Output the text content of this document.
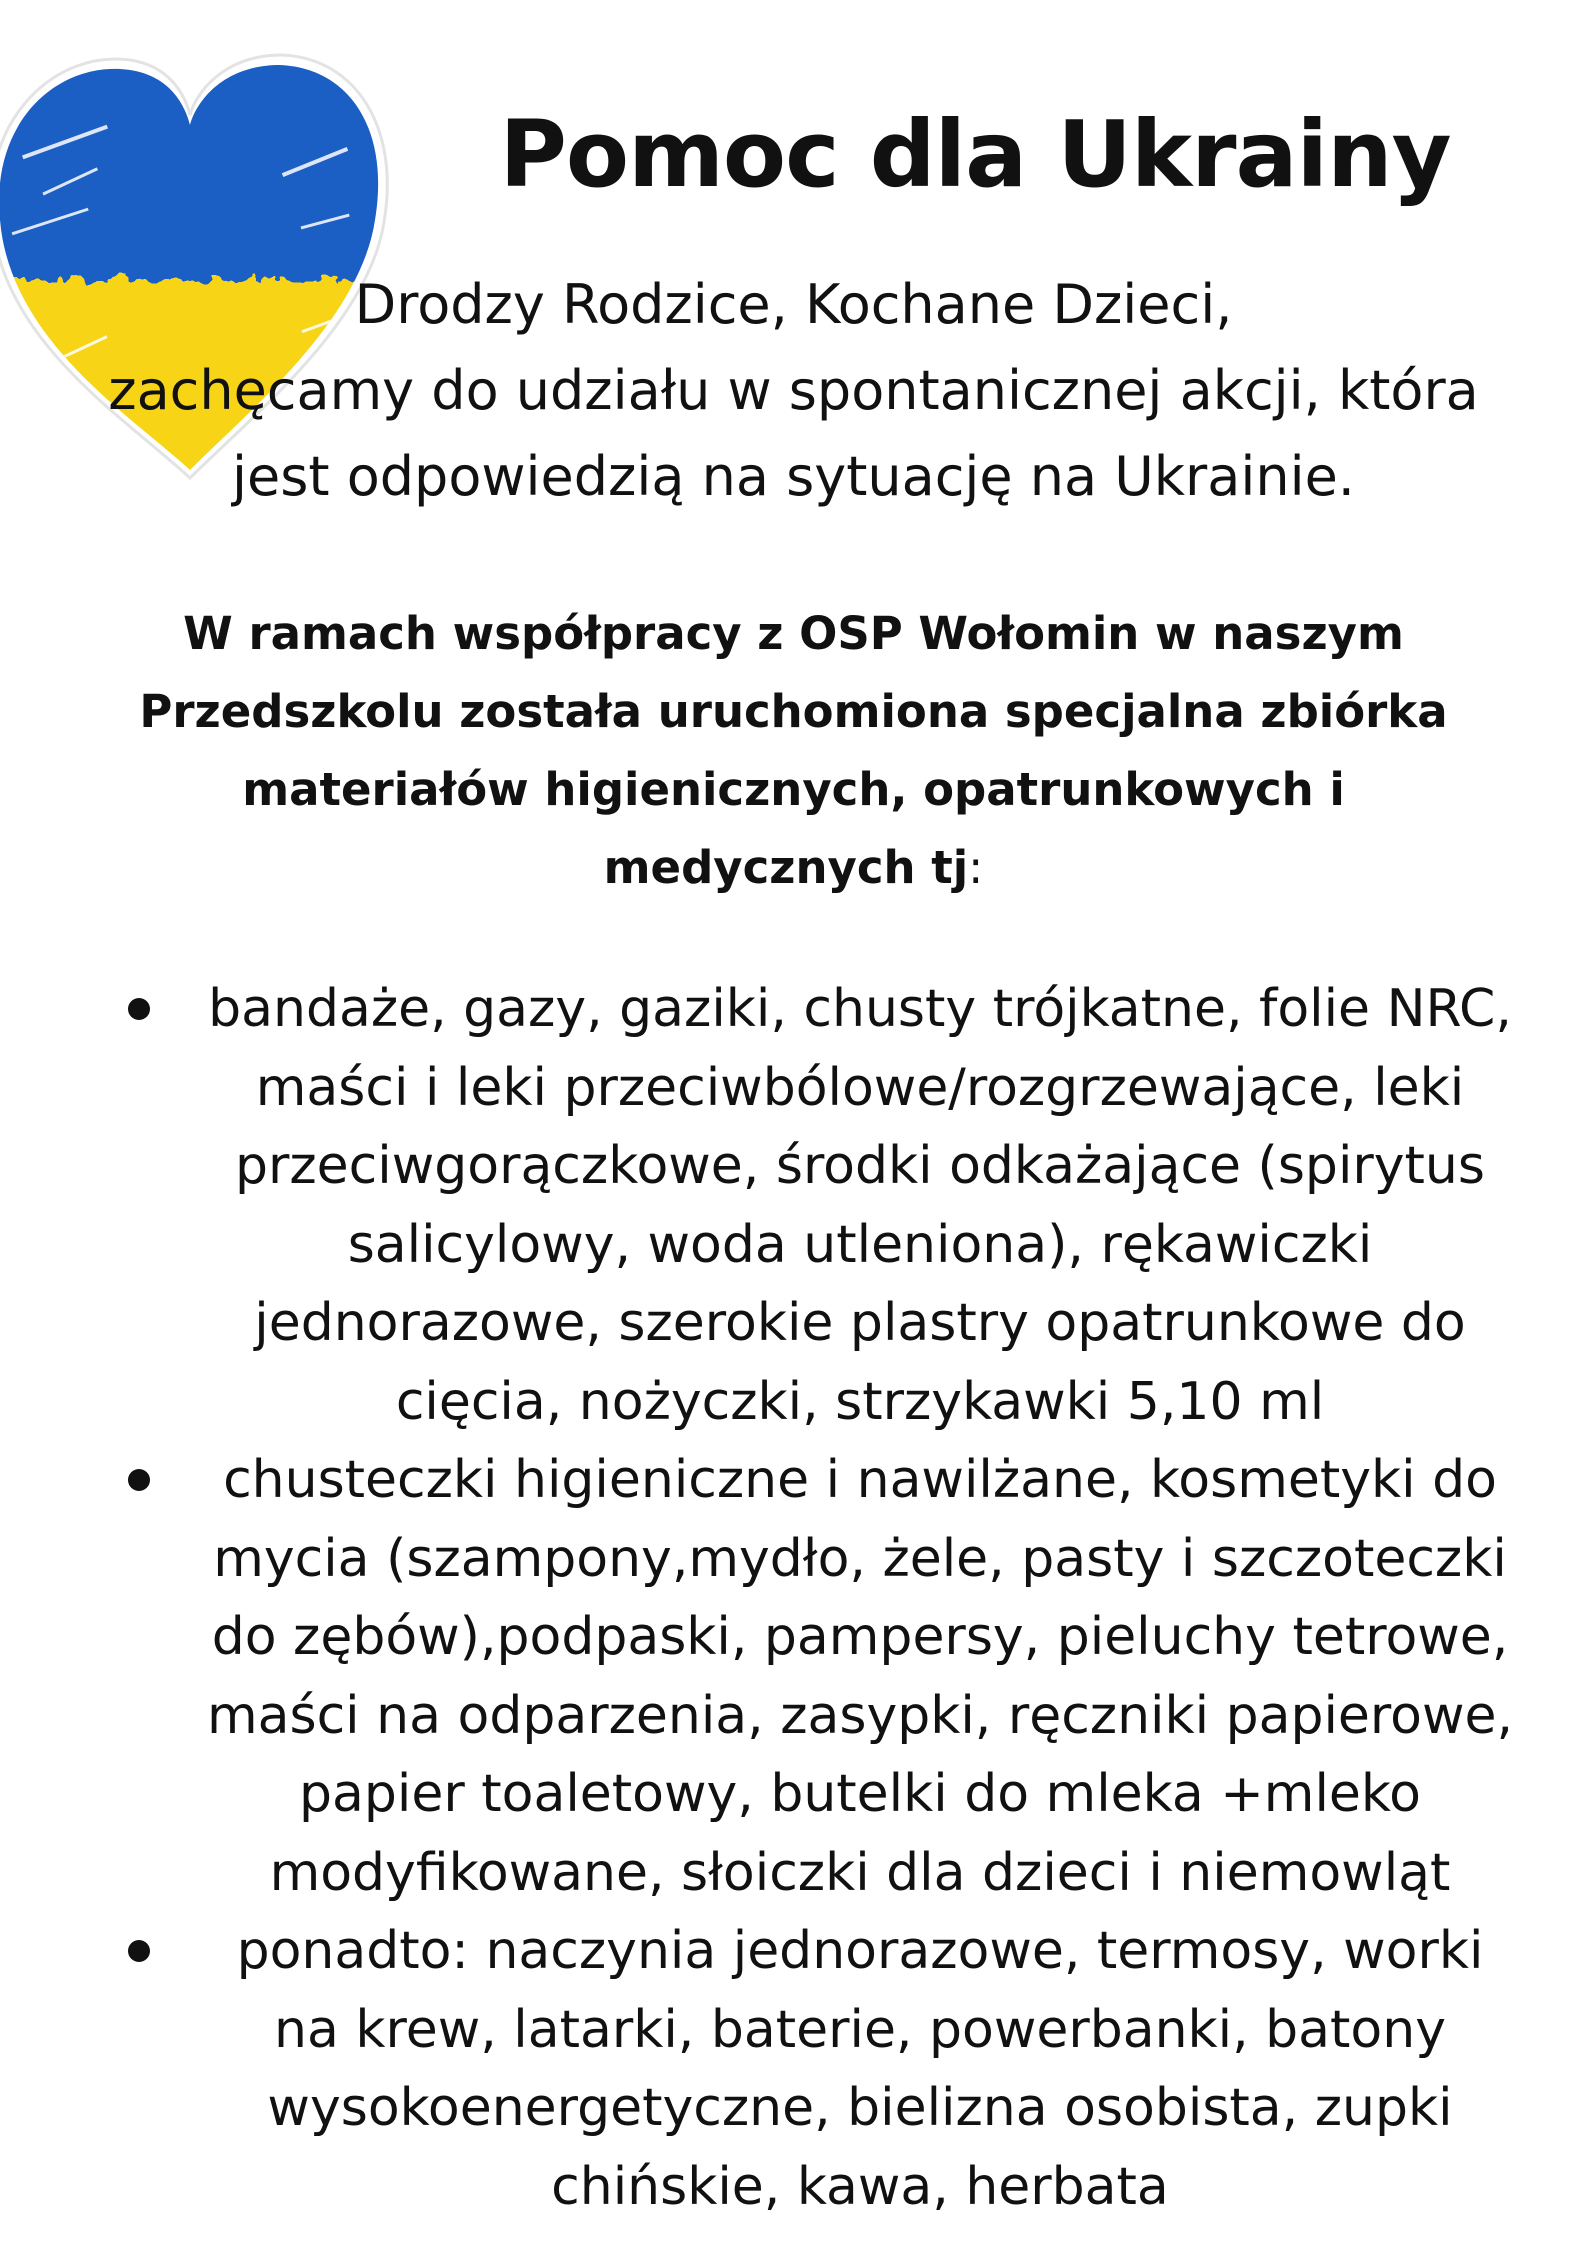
Pomoc dla Ukrainy
Drodzy Rodzice, Kochane Dzieci,
zachęcamy do udziału w spontanicznej akcji, która
jest odpowiedzią na sytuację na Ukrainie.
W ramach współpracy z OSP Wołomin w naszym
Przedszkolu została uruchomiona specjalna zbiórka
materiałów higienicznych, opatrunkowych i
medycznych tj:

bandaże, gazy, gaziki, chusty trójkatne, folie NRC,
maści i leki przeciwbólowe/rozgrzewające, leki
przeciwgorączkowe, środki odkażające (spirytus
salicylowy, woda utleniona), rękawiczki
jednorazowe, szerokie plastry opatrunkowe do
cięcia, nożyczki, strzykawki 5,10 ml

chusteczki higieniczne i nawilżane, kosmetyki do
mycia (szampony,mydło, żele, pasty i szczoteczki
do zębów),podpaski, pampersy, pieluchy tetrowe,
maści na odparzenia, zasypki, ręczniki papierowe,
papier toaletowy, butelki do mleka +mleko
modyfikowane, słoiczki dla dzieci i niemowląt

ponadto: naczynia jednorazowe, termosy, worki
na krew, latarki, baterie, powerbanki, batony
wysokoenergetyczne, bielizna osobista, zupki
chińskie, kawa, herbata
